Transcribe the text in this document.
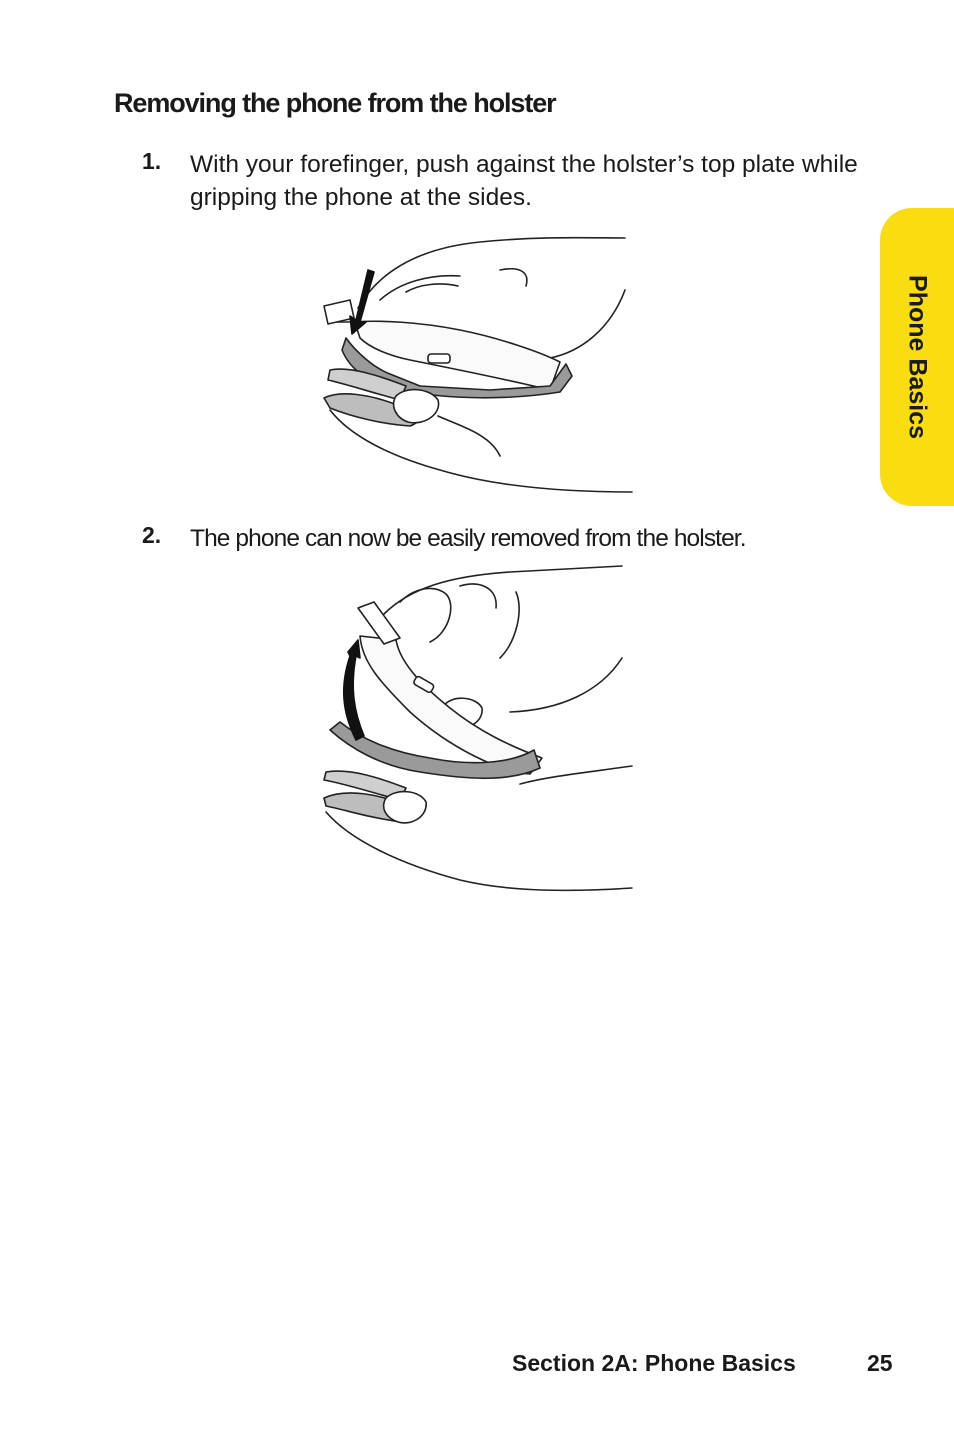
Removing the phone from the holster
1.	With your forefinger, push against the holster’s top plate while gripping the phone at the sides.
2.	The phone can now be easily removed from the holster.
Phone Basics
Section 2A: Phone Basics	25
